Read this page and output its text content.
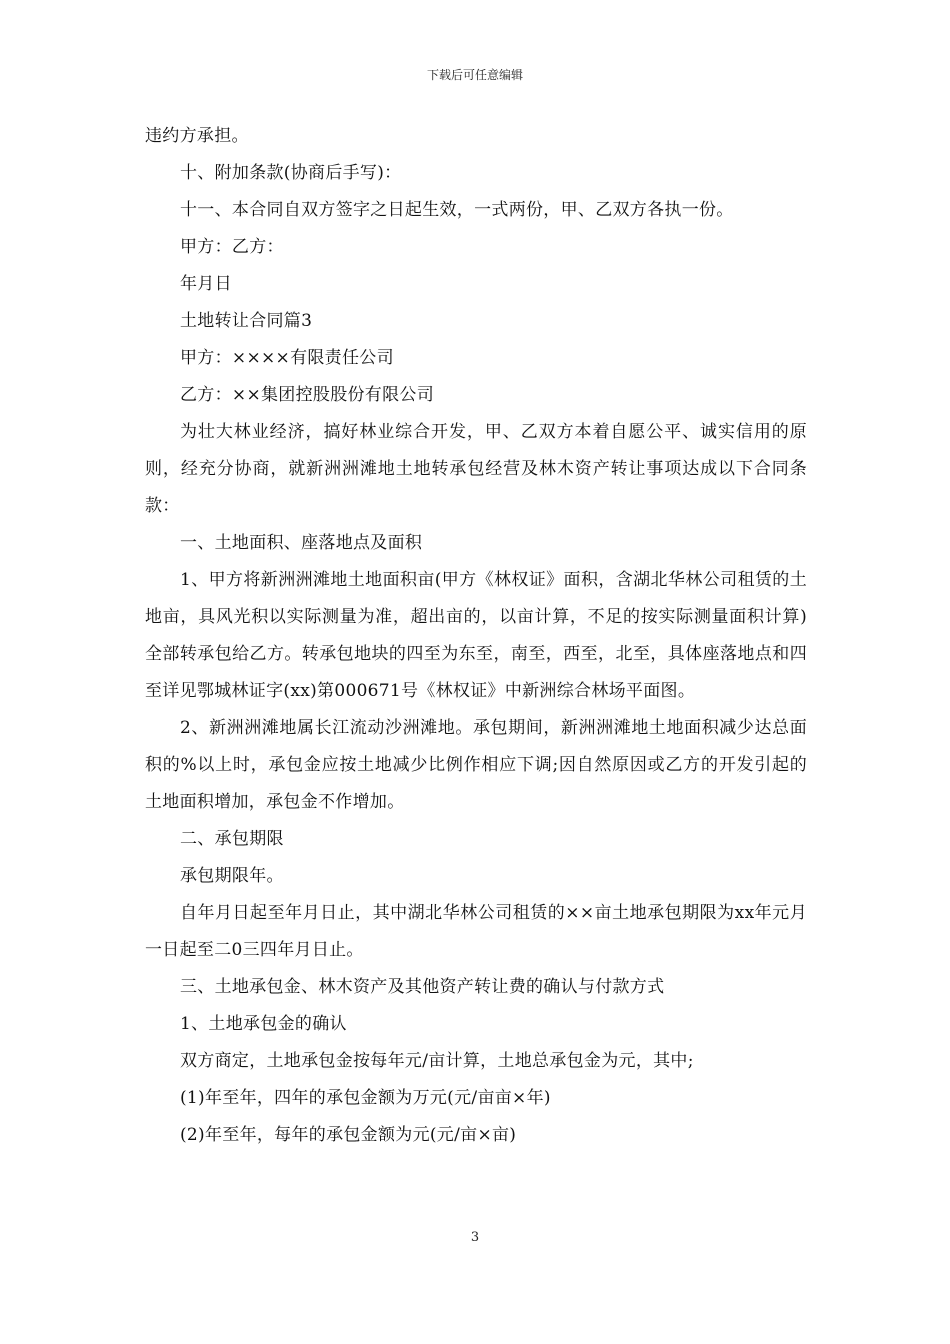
下载后可任意编辑

违约方承担。

十、附加条款(协商后手写)：

十一、本合同自双方签字之日起生效，一式两份，甲、乙双方各执一份。

甲方：乙方：

年月日

土地转让合同篇3

甲方：××××有限责任公司

乙方：××集团控股股份有限公司

为壮大林业经济，搞好林业综合开发，甲、乙双方本着自愿公平、诚实信用的原则，经充分协商，就新洲洲滩地土地转承包经营及林木资产转让事项达成以下合同条款：

一、土地面积、座落地点及面积

1、甲方将新洲洲滩地土地面积亩(甲方《林权证》面积，含湖北华林公司租赁的土地亩，具风光积以实际测量为准，超出亩的，以亩计算，不足的按实际测量面积计算)全部转承包给乙方。转承包地块的四至为东至，南至，西至，北至，具体座落地点和四至详见鄂城林证字(xx)第000671号《林权证》中新洲综合林场平面图。

2、新洲洲滩地属长江流动沙洲滩地。承包期间，新洲洲滩地土地面积减少达总面积的%以上时，承包金应按土地减少比例作相应下调;因自然原因或乙方的开发引起的土地面积增加，承包金不作增加。

二、承包期限

承包期限年。

自年月日起至年月日止，其中湖北华林公司租赁的××亩土地承包期限为xx年元月一日起至二0三四年月日止。

三、土地承包金、林木资产及其他资产转让费的确认与付款方式

1、土地承包金的确认

双方商定，土地承包金按每年元/亩计算，土地总承包金为元，其中;

(1)年至年，四年的承包金额为万元(元/亩亩×年)

(2)年至年，每年的承包金额为元(元/亩×亩)

3
